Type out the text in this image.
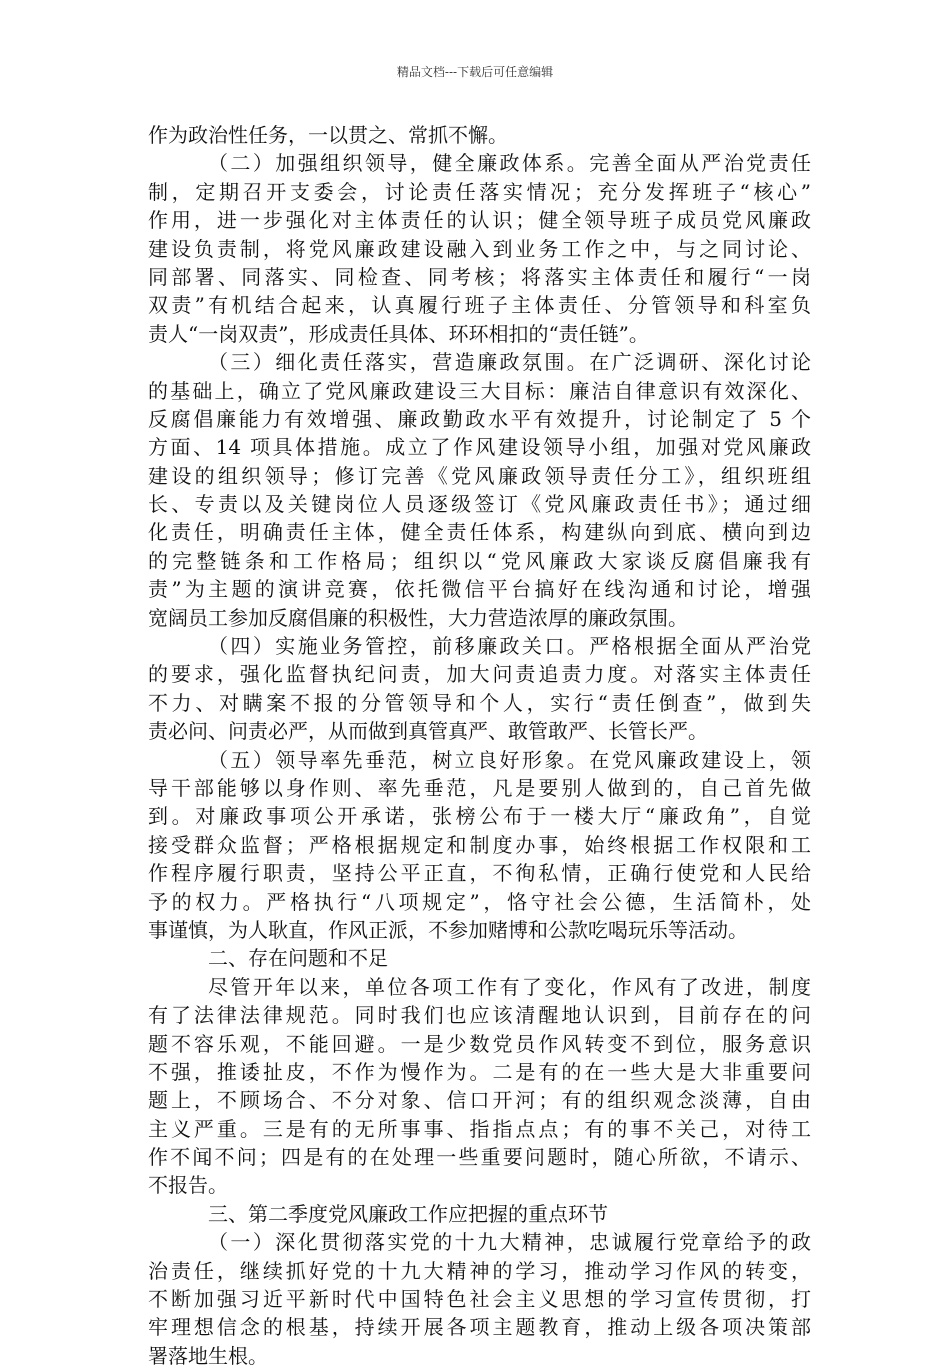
精品文档---下载后可任意编辑
作为政治性任务，一以贯之、常抓不懈。
（二）加强组织领导，健全廉政体系。完善全面从严治党责任
制，定期召开支委会，讨论责任落实情况；充分发挥班子“核心”
作用，进一步强化对主体责任的认识；健全领导班子成员党风廉政
建设负责制，将党风廉政建设融入到业务工作之中，与之同讨论、
同部署、同落实、同检查、同考核；将落实主体责任和履行“一岗
双责”有机结合起来，认真履行班子主体责任、分管领导和科室负
责人“一岗双责”，形成责任具体、环环相扣的“责任链”。
（三）细化责任落实，营造廉政氛围。在广泛调研、深化讨论
的基础上，确立了党风廉政建设三大目标：廉洁自律意识有效深化、
反腐倡廉能力有效增强、廉政勤政水平有效提升，讨论制定了 5 个
方面、14 项具体措施。成立了作风建设领导小组，加强对党风廉政
建设的组织领导；修订完善《党风廉政领导责任分工》，组织班组
长、专责以及关键岗位人员逐级签订《党风廉政责任书》；通过细
化责任，明确责任主体，健全责任体系，构建纵向到底、横向到边
的完整链条和工作格局；组织以“党风廉政大家谈反腐倡廉我有
责”为主题的演讲竞赛，依托微信平台搞好在线沟通和讨论，增强
宽阔员工参加反腐倡廉的积极性，大力营造浓厚的廉政氛围。
（四）实施业务管控，前移廉政关口。严格根据全面从严治党
的要求，强化监督执纪问责，加大问责追责力度。对落实主体责任
不力、对瞒案不报的分管领导和个人，实行“责任倒查”，做到失
责必问、问责必严，从而做到真管真严、敢管敢严、长管长严。
（五）领导率先垂范，树立良好形象。在党风廉政建设上，领
导干部能够以身作则、率先垂范，凡是要别人做到的，自己首先做
到。对廉政事项公开承诺，张榜公布于一楼大厅“廉政角”，自觉
接受群众监督；严格根据规定和制度办事，始终根据工作权限和工
作程序履行职责，坚持公平正直，不徇私情，正确行使党和人民给
予的权力。严格执行“八项规定”，恪守社会公德，生活简朴，处
事谨慎，为人耿直，作风正派，不参加赌博和公款吃喝玩乐等活动。
二、存在问题和不足
尽管开年以来，单位各项工作有了变化，作风有了改进，制度
有了法律法律规范。同时我们也应该清醒地认识到，目前存在的问
题不容乐观，不能回避。一是少数党员作风转变不到位，服务意识
不强，推诿扯皮，不作为慢作为。二是有的在一些大是大非重要问
题上，不顾场合、不分对象、信口开河；有的组织观念淡薄，自由
主义严重。三是有的无所事事、指指点点；有的事不关己，对待工
作不闻不问；四是有的在处理一些重要问题时，随心所欲，不请示、
不报告。
三、第二季度党风廉政工作应把握的重点环节
（一）深化贯彻落实党的十九大精神，忠诚履行党章给予的政
治责任，继续抓好党的十九大精神的学习，推动学习作风的转变，
不断加强习近平新时代中国特色社会主义思想的学习宣传贯彻，打
牢理想信念的根基，持续开展各项主题教育，推动上级各项决策部
署落地生根。
